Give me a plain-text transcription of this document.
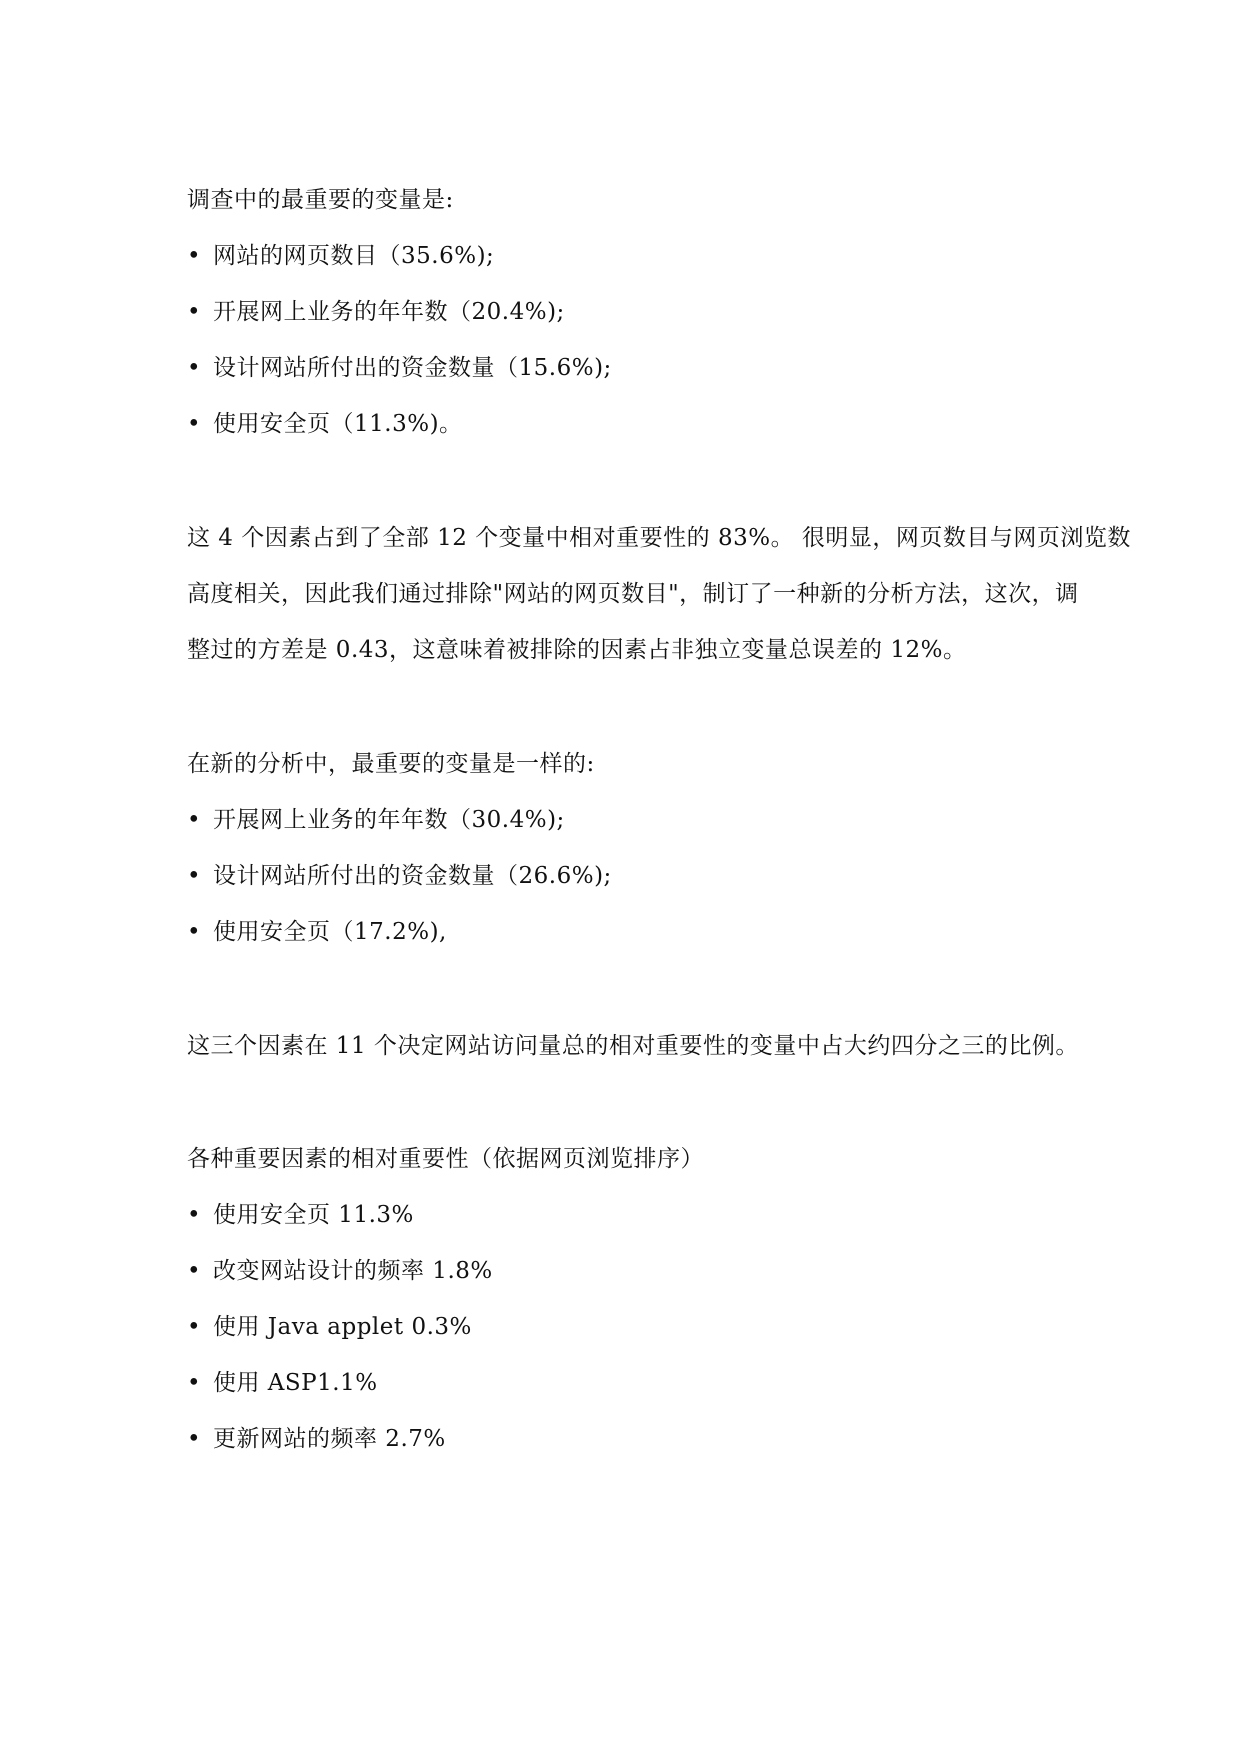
调查中的最重要的变量是:
• 网站的网页数目（35.6%);
• 开展网上业务的年年数（20.4%);
• 设计网站所付出的资金数量（15.6%);
• 使用安全页（11.3%)。
这 4 个因素占到了全部 12 个变量中相对重要性的 83%。 很明显，网页数目与网页浏览数
高度相关，因此我们通过排除"网站的网页数目"，制订了一种新的分析方法，这次，调
整过的方差是 0.43，这意味着被排除的因素占非独立变量总误差的 12%。
在新的分析中，最重要的变量是一样的:
• 开展网上业务的年年数（30.4%);
• 设计网站所付出的资金数量（26.6%);
• 使用安全页（17.2%),
这三个因素在 11 个决定网站访问量总的相对重要性的变量中占大约四分之三的比例。
各种重要因素的相对重要性（依据网页浏览排序）
• 使用安全页 11.3%
• 改变网站设计的频率 1.8%
• 使用 Java applet 0.3%
• 使用 ASP1.1%
• 更新网站的频率 2.7%
